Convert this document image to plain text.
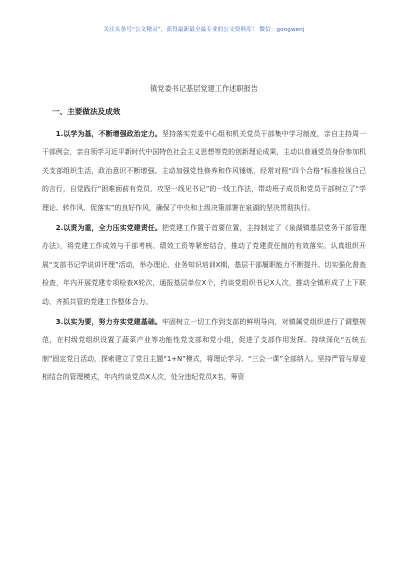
关注头条号“公文精灵”，获得最新最全最专业的公文资料库！ 微信：gongwenj
镇党委书记基层党建工作述职报告
一、主要做法及成效

1.以学为基，不断增强政治定力。坚持落实党委中心组和机关党员干部集中学习制度，亲自主持周一干部例会，亲自领学习近平新时代中国特色社会主义思想等党的创新理论成果，主动以普通党员身份参加机关支部组织生活，政治意识不断增强。主动加强党性修养和作风锤炼，经常对照“四个合格”标准检视自己的言行，自觉践行“困难面前有党员、攻坚一线见书记”的一线工作法，带动班子成员和党员干部树立了“学理论、转作风、促落实”的良好作风，确保了中央和上级决策部署在泉湖的坚决贯彻执行。

2.以责为重，全力压实党建责任。把党建工作置于首要位置，主持制定了《泉湖镇基层党务干部管理办法》，将党建工作成效与干部考核、绩效工资等紧密结合，推动了党建责任制的有效落实。认真组织开展“支部书记学说讲评理”活动，举办理论、业务知识培训X期，基层干部履职能力不断提升。切实强化督查检查，年内开展党建专项检查X轮次，通报基层单位X个，约谈党组织书记X人次，推动全镇形成了上下联动、齐抓共管的党建工作整体合力。

3.以实为要，努力夯实党建基础。牢固树立一切工作到支部的鲜明导向，对镇属党组织进行了调整规范，在村级党组织设置了蔬菜产业等功能性党支部和党小组，促进了支部作用发挥。持续深化“五统五制”固定党日活动，探索建立了党日主题“1+N”模式，将理论学习、“三会一课”全部纳入。坚持严管与厚爱相结合的管理模式，年内约谈党员X人次，处分违纪党员X名，筹资
